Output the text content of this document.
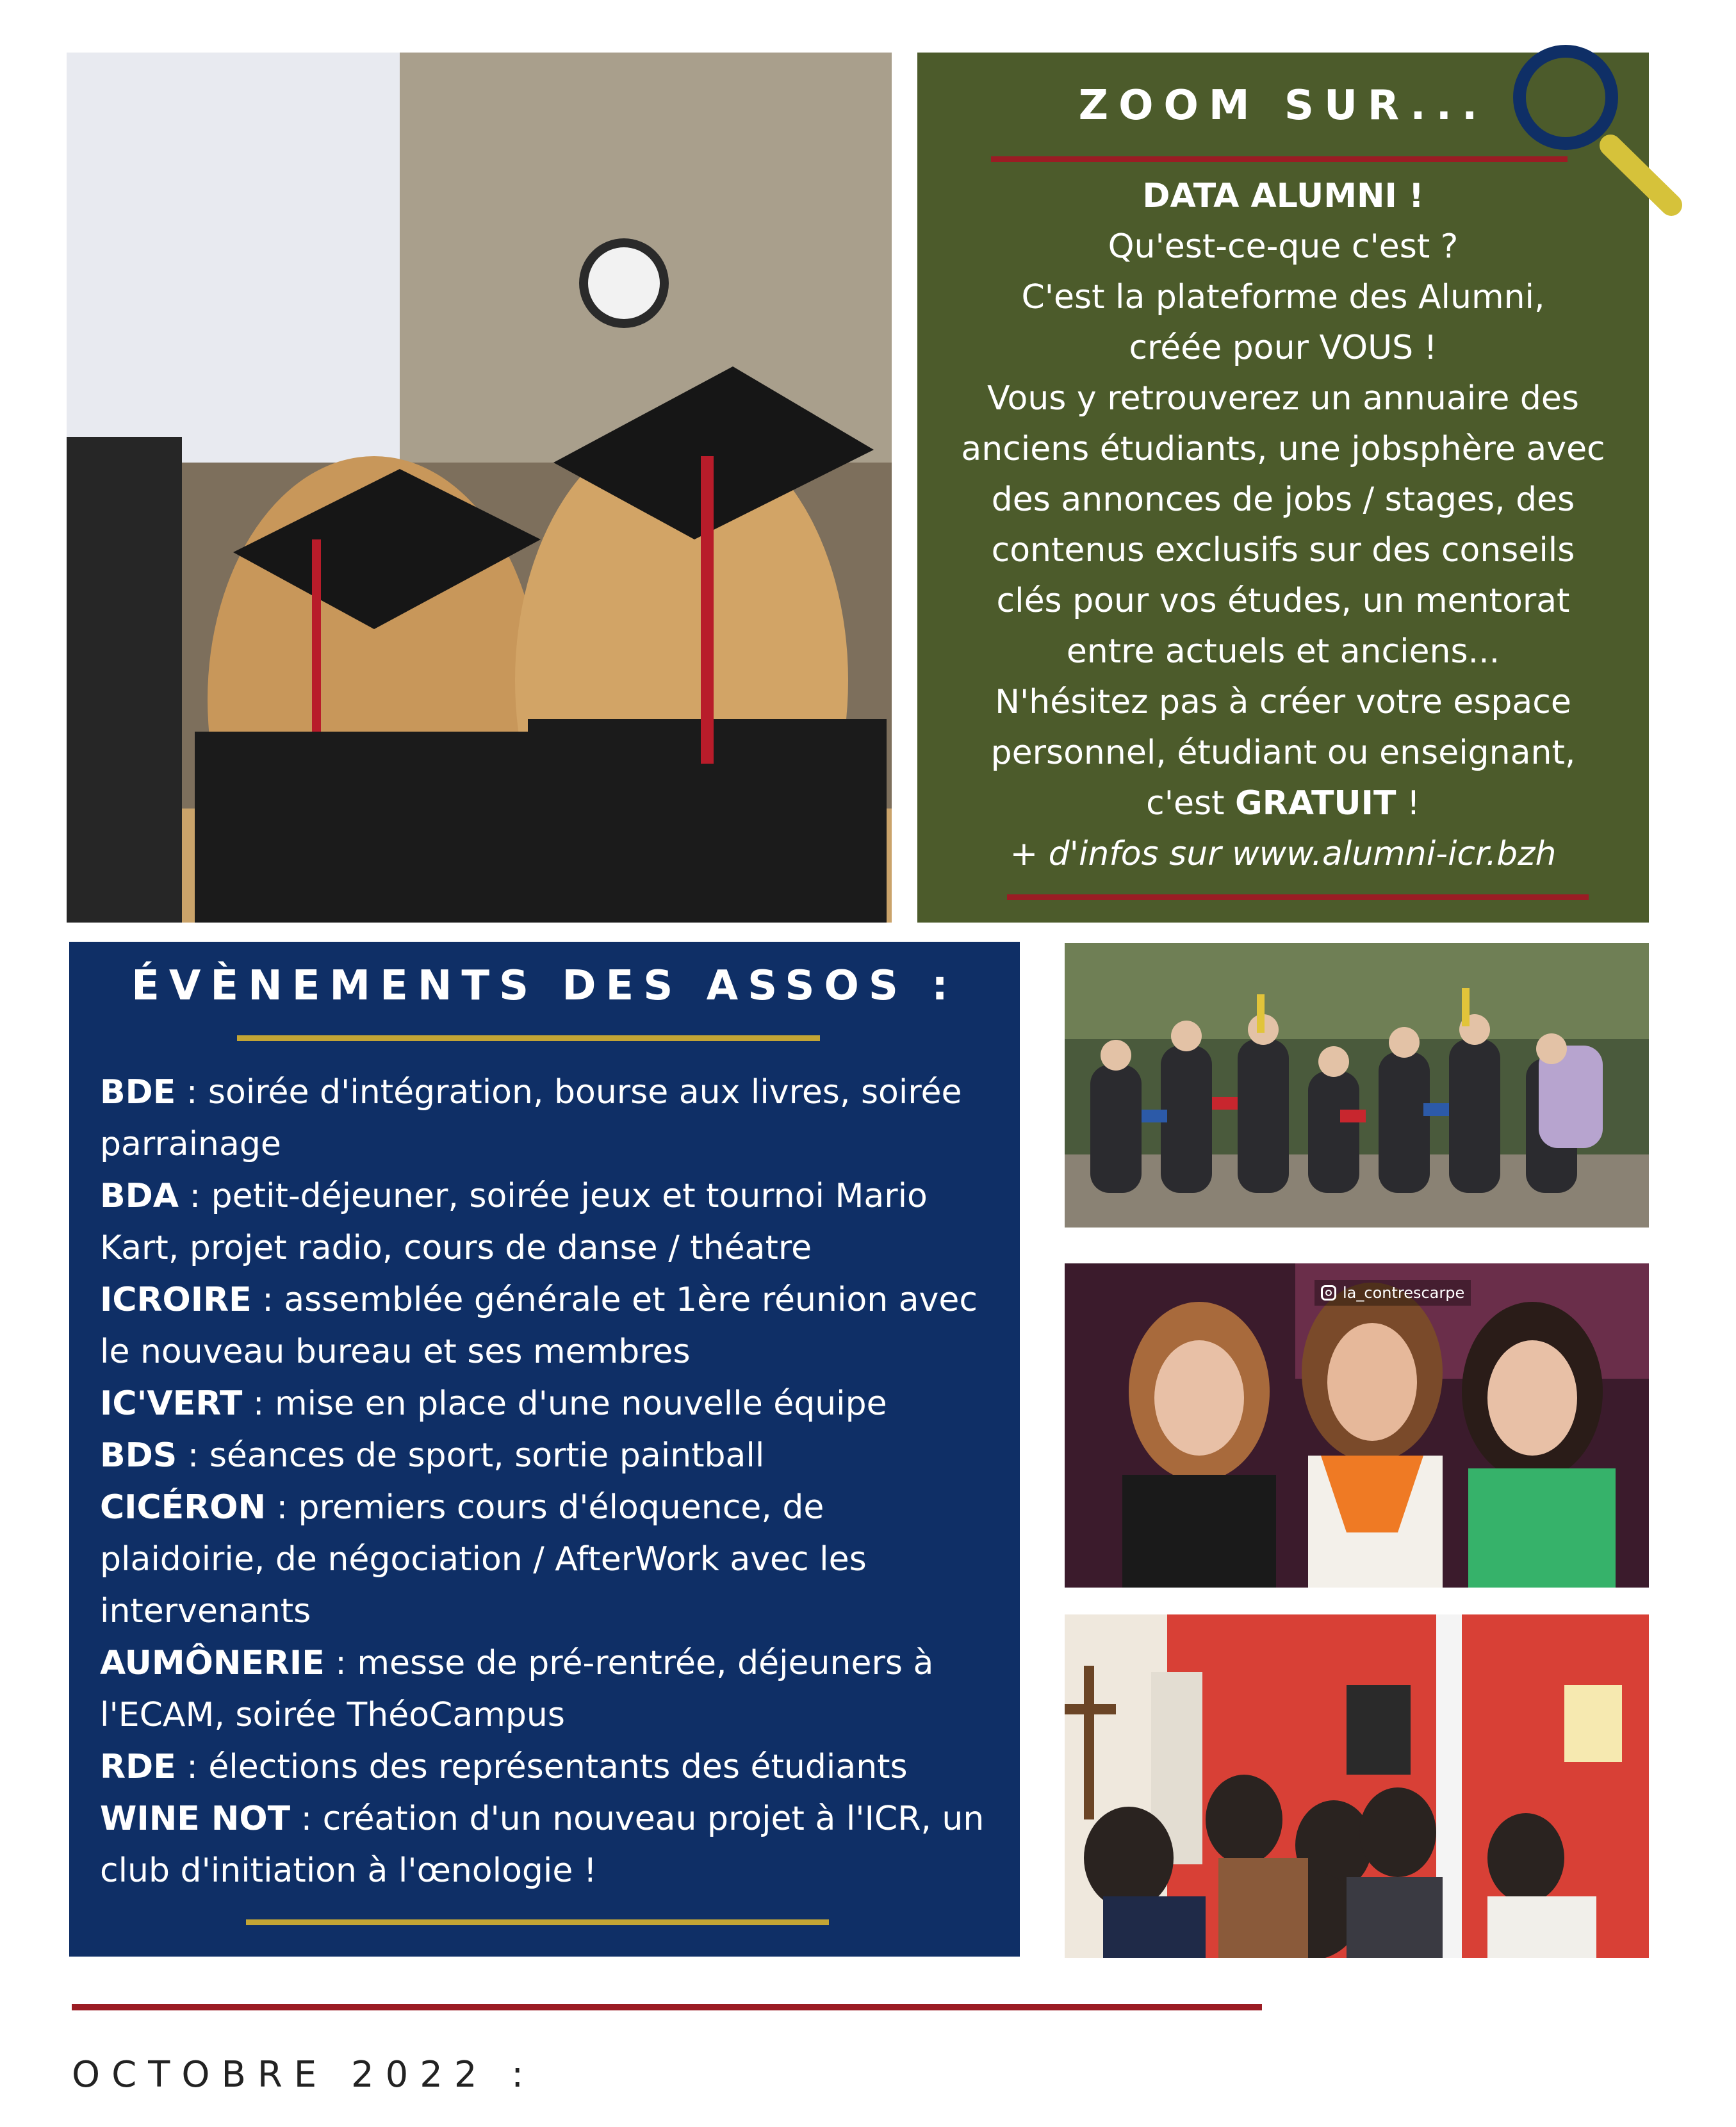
ZOOM SUR...
DATA ALUMNI !
Qu'est-ce-que c'est ?
C'est la plateforme des Alumni,
créée pour VOUS !
Vous y retrouverez un annuaire des
anciens étudiants, une jobsphère avec
des annonces de jobs / stages, des
contenus exclusifs sur des conseils
clés pour vos études, un mentorat
entre actuels et anciens...
N'hésitez pas à créer votre espace
personnel, étudiant ou enseignant,
c'est GRATUIT !
+ d'infos sur www.alumni-icr.bzh
ÉVÈNEMENTS DES ASSOS :
BDE : soirée d'intégration, bourse aux livres, soirée parrainage
BDA : petit-déjeuner, soirée jeux et tournoi Mario Kart, projet radio, cours de danse / théatre
ICROIRE : assemblée générale et 1ère réunion avec le nouveau bureau et ses membres
IC'VERT : mise en place d'une nouvelle équipe
BDS : séances de sport, sortie paintball
CICÉRON : premiers cours d'éloquence, de plaidoirie, de négociation / AfterWork avec les intervenants
AUMÔNERIE : messe de pré-rentrée, déjeuners à l'ECAM, soirée ThéoCampus
RDE : élections des représentants des étudiants
WINE NOT : création d'un nouveau projet à l'ICR, un club d'initiation à l'œnologie !
la_contrescarpe
OCTOBRE 2022 :
